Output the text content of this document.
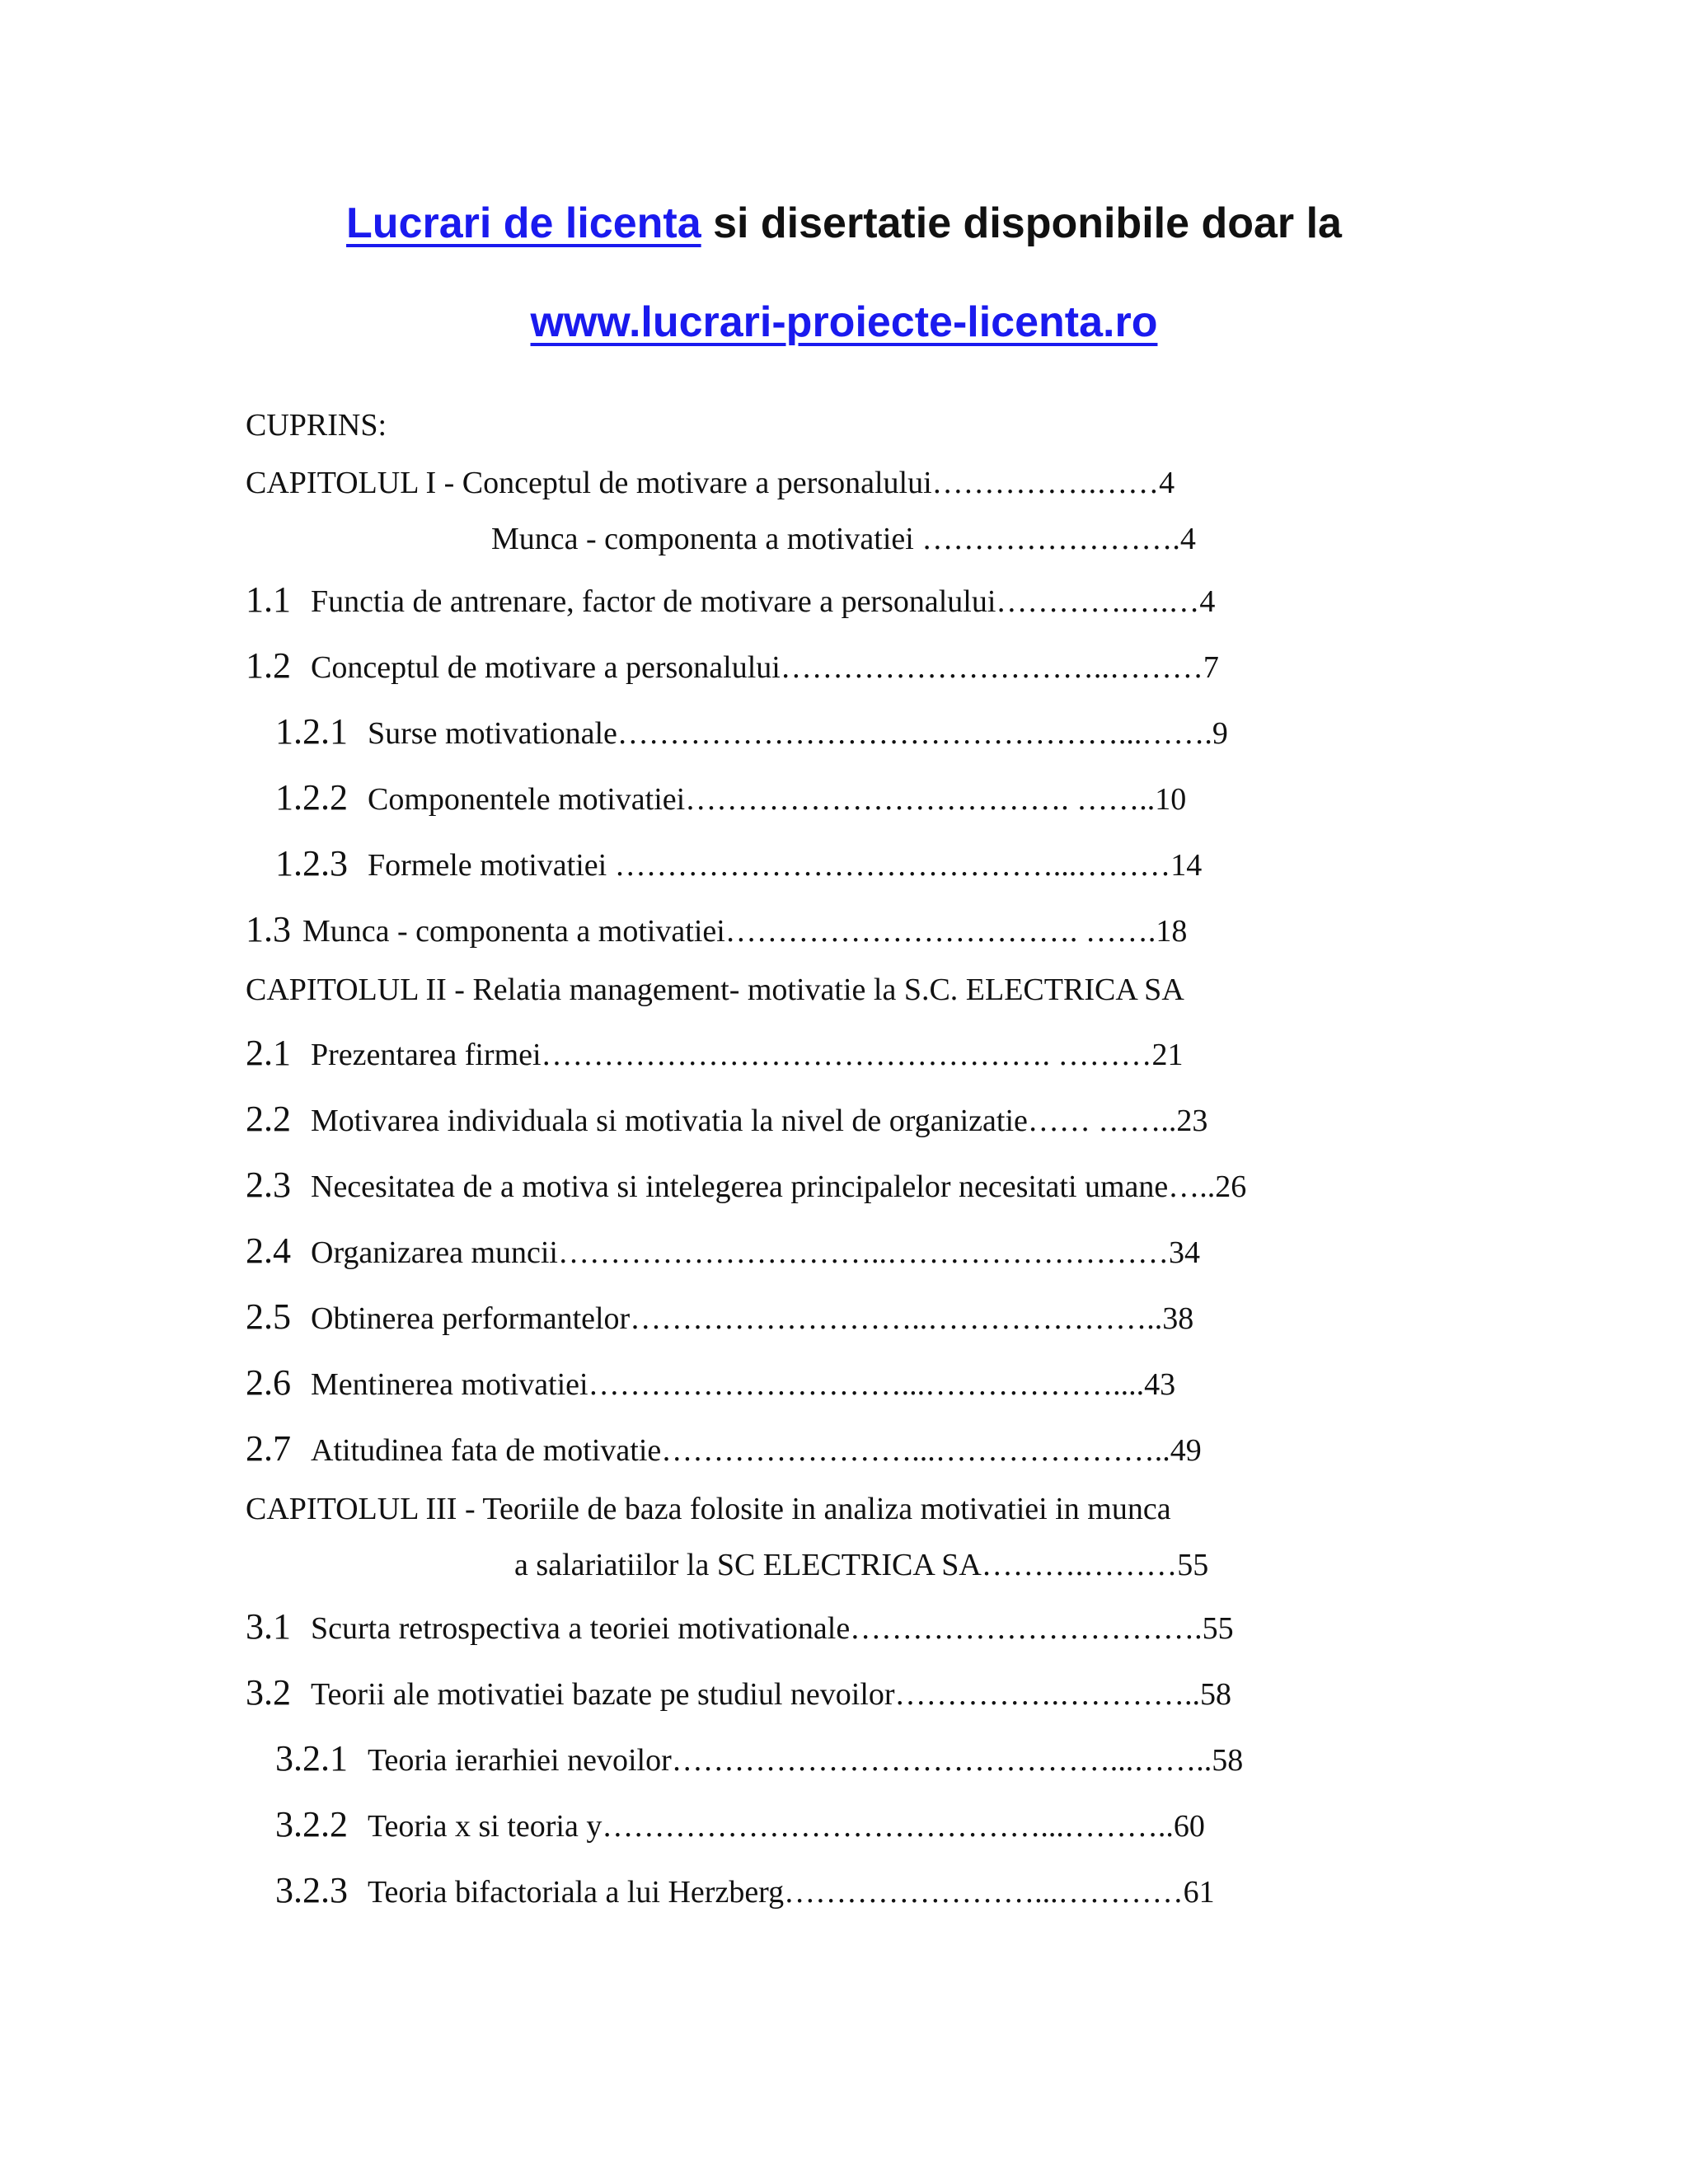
Lucrari de licenta si disertatie disponibile doar la
www.lucrari-proiecte-licenta.ro
CUPRINS:
CAPITOLUL I - Conceptul de motivare a personalului…………….……4
Munca - componenta a motivatiei …………………….4
1.1 Functia de antrenare, factor de motivare a personalului………….….…4
1.2 Conceptul de motivare a personalului…………………………..………7
1.2.1 Surse motivationale…………………………………………...…….9
1.2.2 Componentele motivatiei………………………………. ……..10
1.2.3 Formele motivatiei ……………………………………...………14
1.3 Munca - componenta a motivatiei……………………………. …….18
CAPITOLUL II - Relatia management- motivatie la S.C. ELECTRICA SA
2.1 Prezentarea firmei…………………………………………. ………21
2.2 Motivarea individuala si motivatia la nivel de organizatie…… ……..23
2.3 Necesitatea de a motiva si intelegerea principalelor necesitati umane…..26
2.4 Organizarea muncii…………………………..………………………34
2.5 Obtinerea performantelor………………………..…………………..38
2.6 Mentinerea motivatiei…………………………...………………....43
2.7 Atitudinea fata de motivatie……………………...…………………..49
CAPITOLUL III - Teoriile de baza folosite in analiza motivatiei in munca
a salariatiilor la SC ELECTRICA SA……….………55
3.1 Scurta retrospectiva a teoriei motivationale…………………………….55
3.2 Teorii ale motivatiei bazate pe studiul nevoilor…………….…………..58
3.2.1 Teoria ierarhiei nevoilor……………………………………...……..58
3.2.2 Teoria x si teoria y……………………………………...………..60
3.2.3 Teoria bifactoriala a lui Herzberg……………………...…………61
